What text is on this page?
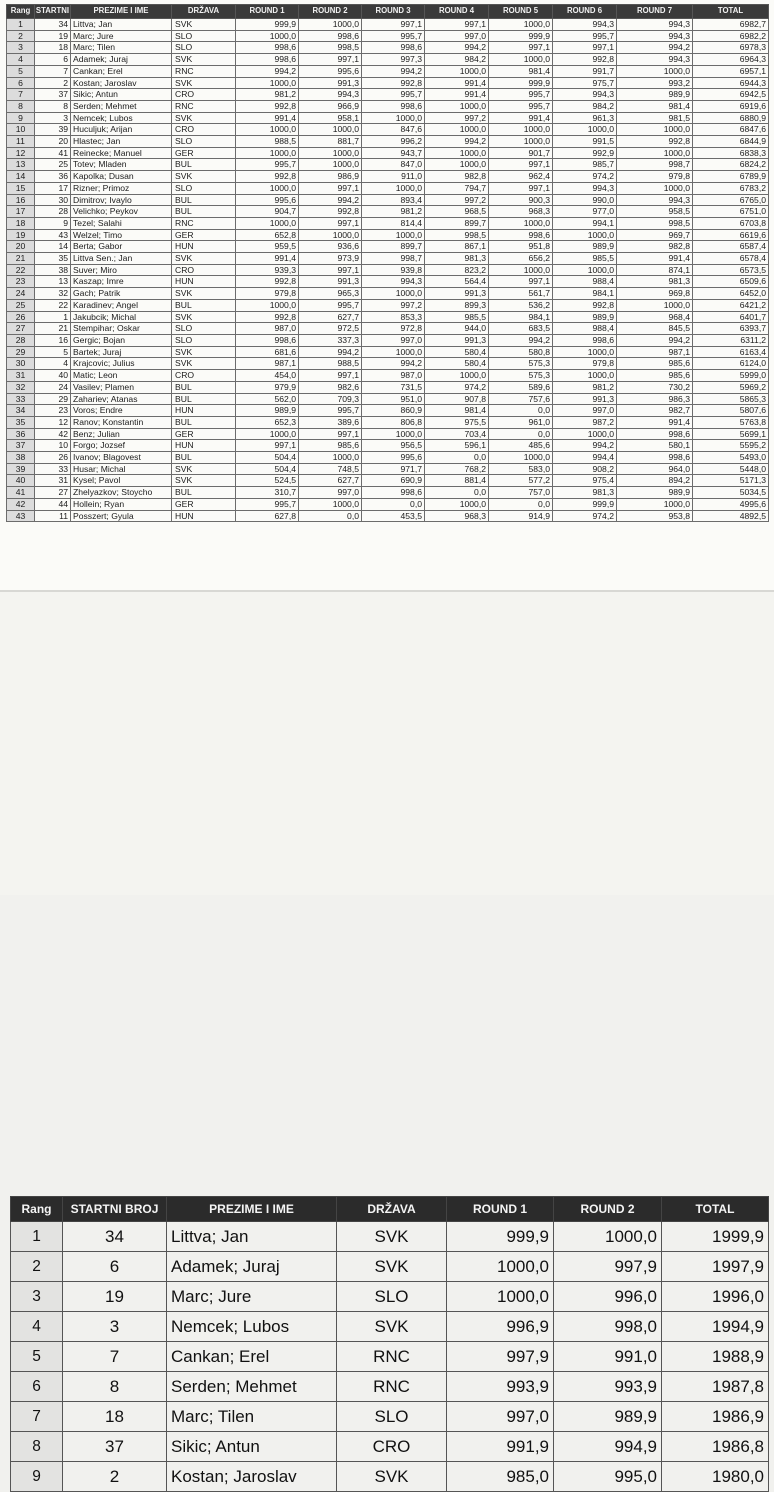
Rang	STARTNI	PREZIME I IME	DRŽAVA	ROUND 1	ROUND 2	ROUND 3	ROUND 4	ROUND 5	ROUND 6	ROUND 7	TOTAL
1	34	Littva; Jan	SVK	999,9	1000,0	997,1	997,1	1000,0	994,3	994,3	6982,7
2	19	Marc; Jure	SLO	1000,0	998,6	995,7	997,0	999,9	995,7	994,3	6982,2
3	18	Marc; Tilen	SLO	998,6	998,5	998,6	994,2	997,1	997,1	994,2	6978,3
4	6	Adamek; Juraj	SVK	998,6	997,1	997,3	984,2	1000,0	992,8	994,3	6964,3
5	7	Cankan; Erel	RNC	994,2	995,6	994,2	1000,0	981,4	991,7	1000,0	6957,1
6	2	Kostan; Jaroslav	SVK	1000,0	991,3	992,8	991,4	999,9	975,7	993,2	6944,3
7	37	Sikic; Antun	CRO	981,2	994,3	995,7	991,4	995,7	994,3	989,9	6942,5
8	8	Serden; Mehmet	RNC	992,8	966,9	998,6	1000,0	995,7	984,2	981,4	6919,6
9	3	Nemcek; Lubos	SVK	991,4	958,1	1000,0	997,2	991,4	961,3	981,5	6880,9
10	39	Huculjuk; Arijan	CRO	1000,0	1000,0	847,6	1000,0	1000,0	1000,0	1000,0	6847,6
11	20	Hlastec; Jan	SLO	988,5	881,7	996,2	994,2	1000,0	991,5	992,8	6844,9
12	41	Reinecke; Manuel	GER	1000,0	1000,0	943,7	1000,0	901,7	992,9	1000,0	6838,3
13	25	Totev; Mladen	BUL	995,7	1000,0	847,0	1000,0	997,1	985,7	998,7	6824,2
14	36	Kapolka; Dusan	SVK	992,8	986,9	911,0	982,8	962,4	974,2	979,8	6789,9
15	17	Rizner; Primoz	SLO	1000,0	997,1	1000,0	794,7	997,1	994,3	1000,0	6783,2
16	30	Dimitrov; Ivaylo	BUL	995,6	994,2	893,4	997,2	900,3	990,0	994,3	6765,0
17	28	Velichko; Peykov	BUL	904,7	992,8	981,2	968,5	968,3	977,0	958,5	6751,0
18	9	Tezel; Salahi	RNC	1000,0	997,1	814,4	899,7	1000,0	994,1	998,5	6703,8
19	43	Welzel; Timo	GER	652,8	1000,0	1000,0	998,5	998,6	1000,0	969,7	6619,6
20	14	Berta; Gabor	HUN	959,5	936,6	899,7	867,1	951,8	989,9	982,8	6587,4
21	35	Littva Sen.; Jan	SVK	991,4	973,9	998,7	981,3	656,2	985,5	991,4	6578,4
22	38	Suver; Miro	CRO	939,3	997,1	939,8	823,2	1000,0	1000,0	874,1	6573,5
23	13	Kaszap; Imre	HUN	992,8	991,3	994,3	564,4	997,1	988,4	981,3	6509,6
24	32	Gach; Patrik	SVK	979,8	965,3	1000,0	991,3	561,7	984,1	969,8	6452,0
25	22	Karadinev; Angel	BUL	1000,0	995,7	997,2	899,3	536,2	992,8	1000,0	6421,2
26	1	Jakubcik; Michal	SVK	992,8	627,7	853,3	985,5	984,1	989,9	968,4	6401,7
27	21	Stempihar; Oskar	SLO	987,0	972,5	972,8	944,0	683,5	988,4	845,5	6393,7
28	16	Gergic; Bojan	SLO	998,6	337,3	997,0	991,3	994,2	998,6	994,2	6311,2
29	5	Bartek; Juraj	SVK	681,6	994,2	1000,0	580,4	580,8	1000,0	987,1	6163,4
30	4	Krajcovic; Julius	SVK	987,1	988,5	994,2	580,4	575,3	979,8	985,6	6124,0
31	40	Matic; Leon	CRO	454,0	997,1	987,0	1000,0	575,3	1000,0	985,6	5999,0
32	24	Vasilev; Plamen	BUL	979,9	982,6	731,5	974,2	589,6	981,2	730,2	5969,2
33	29	Zahariev; Atanas	BUL	562,0	709,3	951,0	907,8	757,6	991,3	986,3	5865,3
34	23	Voros; Endre	HUN	989,9	995,7	860,9	981,4	0,0	997,0	982,7	5807,6
35	12	Ranov; Konstantin	BUL	652,3	389,6	806,8	975,5	961,0	987,2	991,4	5763,8
36	42	Benz; Julian	GER	1000,0	997,1	1000,0	703,4	0,0	1000,0	998,6	5699,1
37	10	Forgo; Jozsef	HUN	997,1	985,6	956,5	596,1	485,6	994,2	580,1	5595,2
38	26	Ivanov; Blagovest	BUL	504,4	1000,0	995,6	0,0	1000,0	994,4	998,6	5493,0
39	33	Husar; Michal	SVK	504,4	748,5	971,7	768,2	583,0	908,2	964,0	5448,0
40	31	Kysel; Pavol	SVK	524,5	627,7	690,9	881,4	577,2	975,4	894,2	5171,3
41	27	Zhelyazkov; Stoycho	BUL	310,7	997,0	998,6	0,0	757,0	981,3	989,9	5034,5
42	44	Hollein; Ryan	GER	995,7	1000,0	0,0	1000,0	0,0	999,9	1000,0	4995,6
43	11	Posszert; Gyula	HUN	627,8	0,0	453,5	968,3	914,9	974,2	953,8	4892,5
Rang	STARTNI BROJ	PREZIME I IME	DRŽAVA	ROUND 1	ROUND 2	TOTAL
1	34	Littva; Jan	SVK	999,9	1000,0	1999,9
2	6	Adamek; Juraj	SVK	1000,0	997,9	1997,9
3	19	Marc; Jure	SLO	1000,0	996,0	1996,0
4	3	Nemcek; Lubos	SVK	996,9	998,0	1994,9
5	7	Cankan; Erel	RNC	997,9	991,0	1988,9
6	8	Serden; Mehmet	RNC	993,9	993,9	1987,8
7	18	Marc; Tilen	SLO	997,0	989,9	1986,9
8	37	Sikic; Antun	CRO	991,9	994,9	1986,8
9	2	Kostan; Jaroslav	SVK	985,0	995,0	1980,0
